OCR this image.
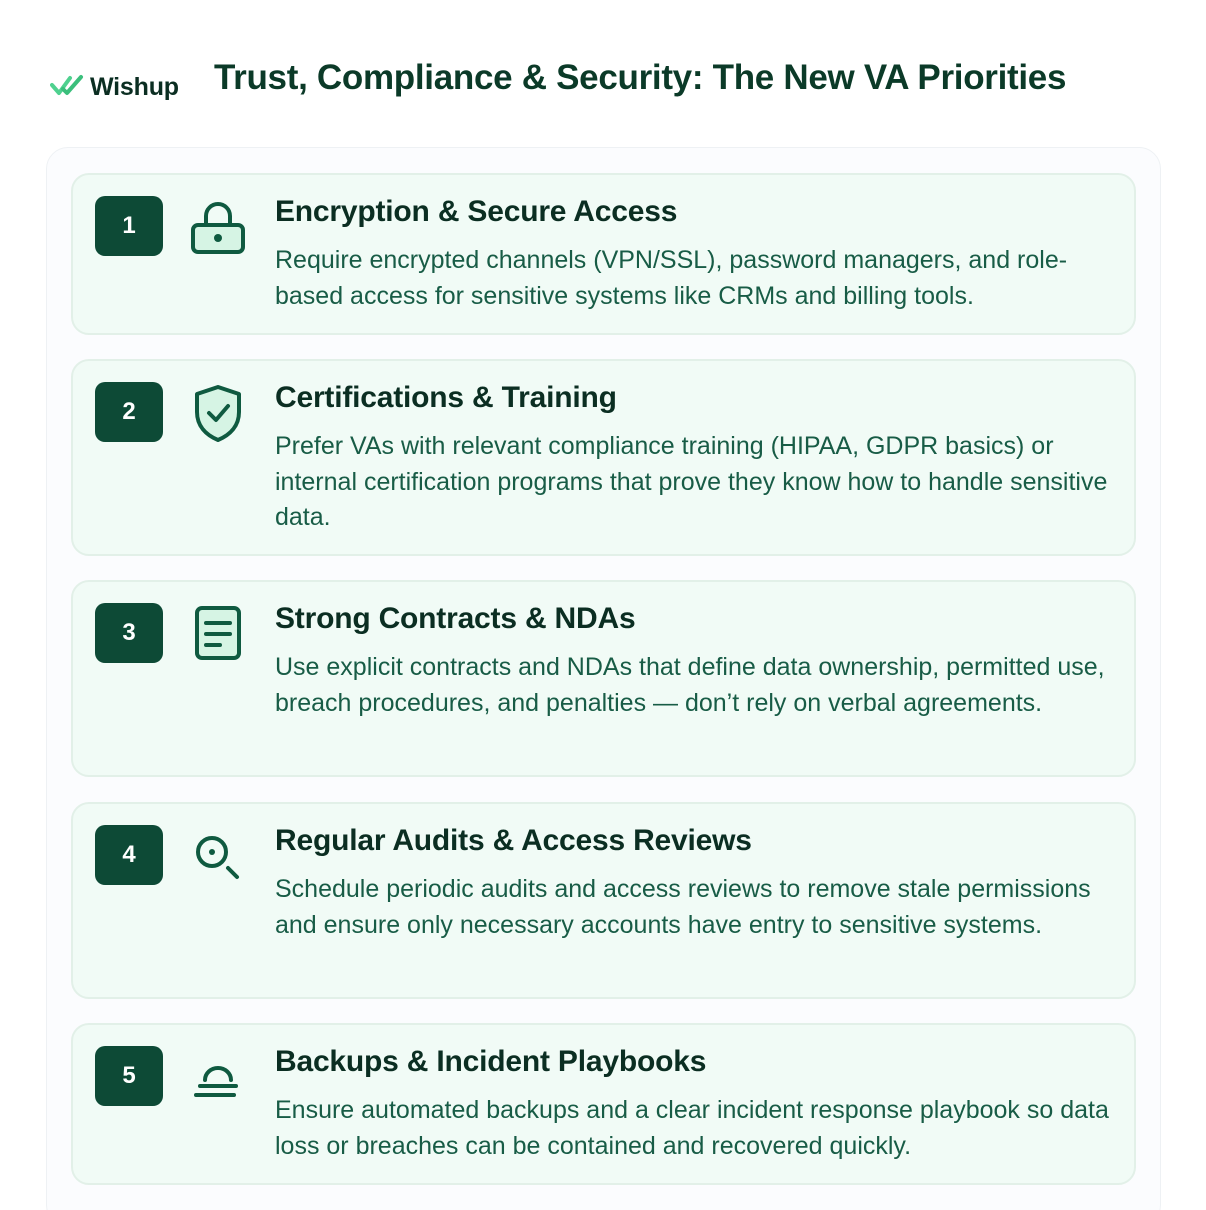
Wishup Trust, Compliance & Security: The New VA Priorities
1	Encryption & Secure Access
Require encrypted channels (VPN/SSL), password managers, and role-based access for sensitive systems like CRMs and billing tools.
2	Certifications & Training
Prefer VAs with relevant compliance training (HIPAA, GDPR basics) or internal certification programs that prove they know how to handle sensitive data.
3	Strong Contracts & NDAs
Use explicit contracts and NDAs that define data ownership, permitted use, breach procedures, and penalties — don’t rely on verbal agreements.
4	Regular Audits & Access Reviews
Schedule periodic audits and access reviews to remove stale permissions and ensure only necessary accounts have entry to sensitive systems.
5	Backups & Incident Playbooks
Ensure automated backups and a clear incident response playbook so data loss or breaches can be contained and recovered quickly.
